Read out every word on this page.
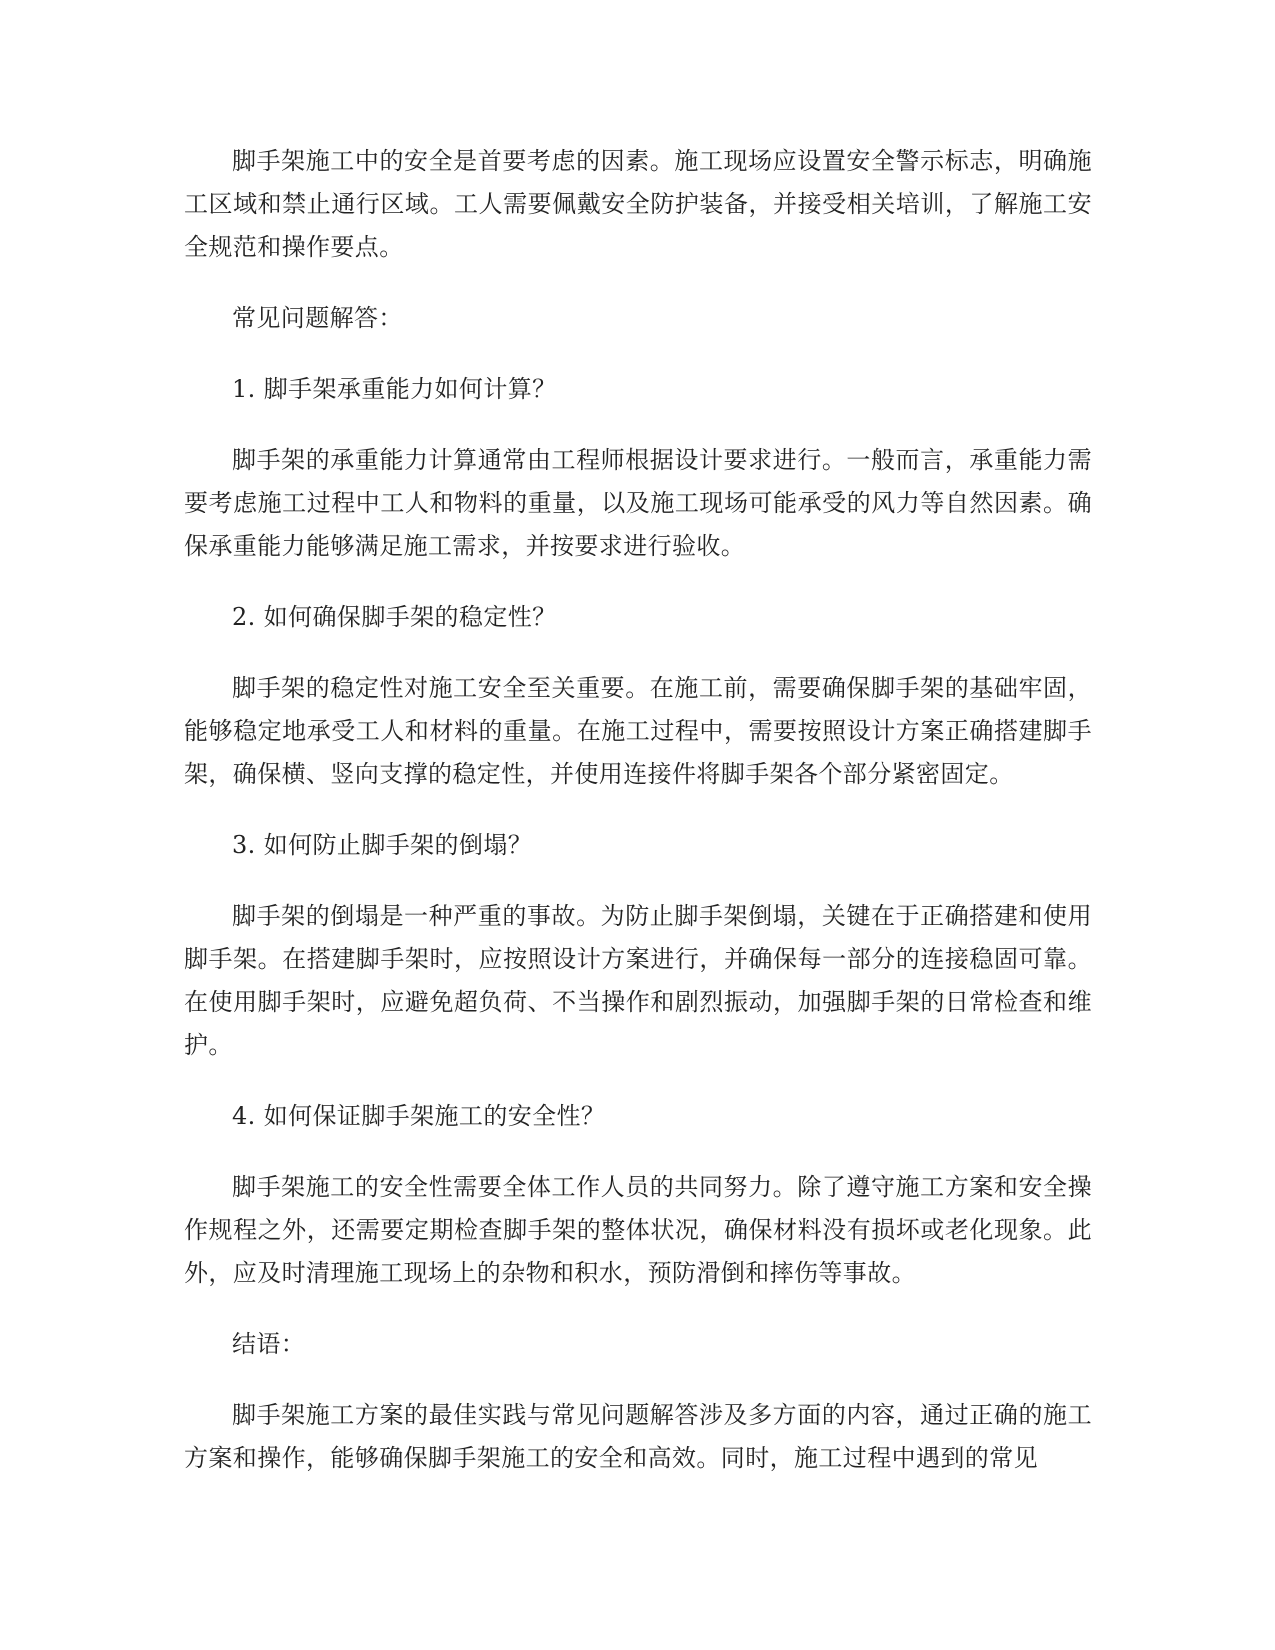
脚手架施工中的安全是首要考虑的因素。施工现场应设置安全警示标志，明确施工区域和禁止通行区域。工人需要佩戴安全防护装备，并接受相关培训，了解施工安全规范和操作要点。

常见问题解答：

1. 脚手架承重能力如何计算？

脚手架的承重能力计算通常由工程师根据设计要求进行。一般而言，承重能力需要考虑施工过程中工人和物料的重量，以及施工现场可能承受的风力等自然因素。确保承重能力能够满足施工需求，并按要求进行验收。

2. 如何确保脚手架的稳定性？

脚手架的稳定性对施工安全至关重要。在施工前，需要确保脚手架的基础牢固，能够稳定地承受工人和材料的重量。在施工过程中，需要按照设计方案正确搭建脚手架，确保横、竖向支撑的稳定性，并使用连接件将脚手架各个部分紧密固定。

3. 如何防止脚手架的倒塌？

脚手架的倒塌是一种严重的事故。为防止脚手架倒塌，关键在于正确搭建和使用脚手架。在搭建脚手架时，应按照设计方案进行，并确保每一部分的连接稳固可靠。在使用脚手架时，应避免超负荷、不当操作和剧烈振动，加强脚手架的日常检查和维护。

4. 如何保证脚手架施工的安全性？

脚手架施工的安全性需要全体工作人员的共同努力。除了遵守施工方案和安全操作规程之外，还需要定期检查脚手架的整体状况，确保材料没有损坏或老化现象。此外，应及时清理施工现场上的杂物和积水，预防滑倒和摔伤等事故。

结语：

脚手架施工方案的最佳实践与常见问题解答涉及多方面的内容，通过正确的施工方案和操作，能够确保脚手架施工的安全和高效。同时，施工过程中遇到的常见
